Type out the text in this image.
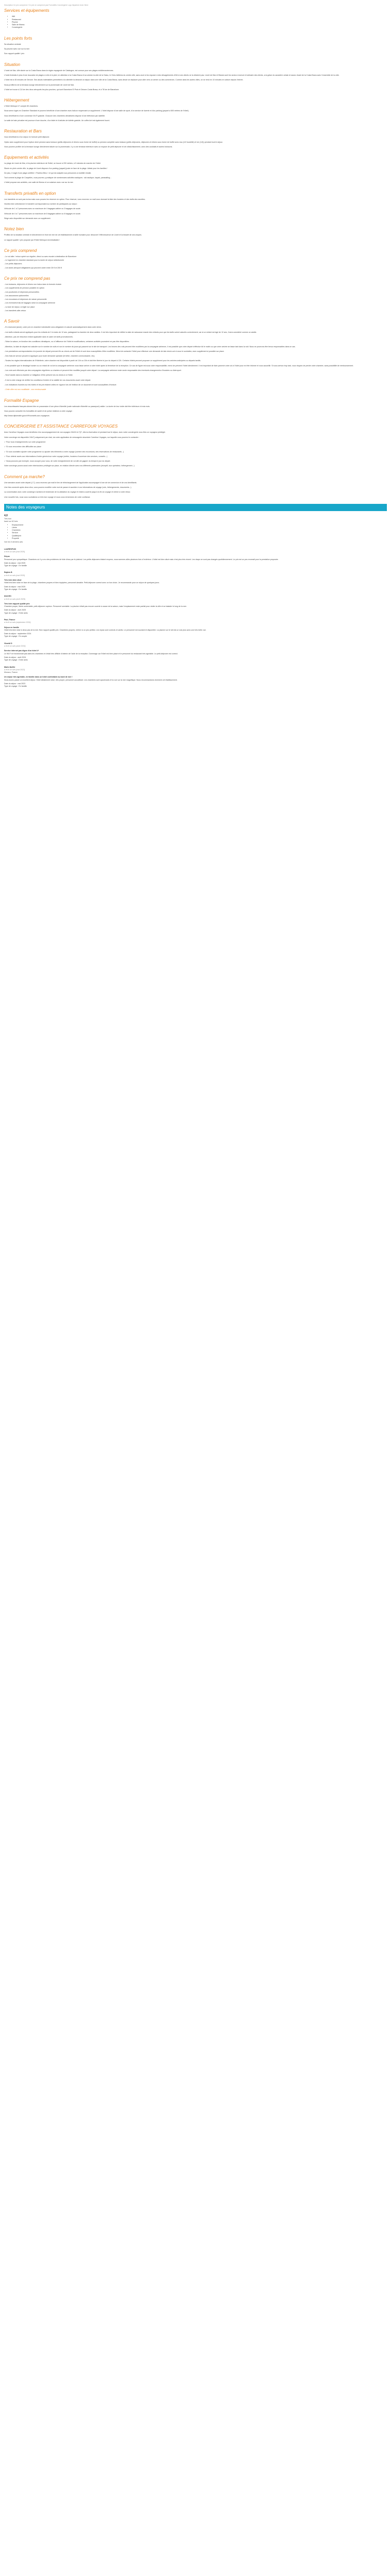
Description Ce prix comprend / Ce prix ne comprend pas Formalités Conciergerie Logo Intpartner Avis Client

Services et équipements
• Wifi
• Restaurant
• Piscine
• Salle de fitness
• Conciergerie
Les points forts

Sa situation centrale

Sa piscine avec vue sur la mer

Son rapport qualité / prix

Situation

L'hotel de Mar, ville située sur la Costa Brava dans la région espagnole de Catalogne, est connue pour ses plages méditerranéennes.

L'hotel Ambulla & plus d'une douzaine de plages à vélo et à pied, en attention à la Costa Brava et sa voisine la côte de la Salou, le Gers-Valtierra du centre-ville, sans avoir à les exposer à des désagréments d'été si ses clients ne la désirent pas. Lloret de Mar et Blanes sont les seuls à recevoir d'ordinaire des clients, a la grâce du caractère urbain et assez vivant de la Costa Brava avec l'ensemble de la côte.

L'hôtel est à 45 minutes de Gérone. Ses atouts indéniables permettent à la clientèle la désirant un séjour dans une ville de la Costa Brava, sans devoir se déplacer pour aller vers un centre ou des commerces. Comme dans les autres villes, on se rend en 10 minutes en voiture depuis l'entrée.

Nous profiterez de la terrasse-lounge directement sur la promenade de Lloret de Mar.

L'hôtel se trouve à 2,6 km des deux aéroports les plus proches, qui sont Barcelone El Prat et Gérone-Costa Brava, et à 78 km de Barcelone.

Hébergement

L'Hôtel Metropol 4* compte 80 chambres.

Nous serez logés en Chambre Standard et pourrez bénéficier d'une chambre avec balcon moyennant un supplément. L'hôtel dispose d'une salle de sport, d'un service de laverie et d'un parking (payant à 500 mètres de l'hôtel).

Vous bénéficierez d'une connexion Wi-Fi gratuite. Chacune des chambres climatisées dispose d'une télévision par satellite.

La salle de bain privative est pourvue d'une douche, d'un bidet et d'articles de toilette gratuits. Un coffre-fort est également fourni.

Restauration et Bars

Vous bénéficierez d'un séjour en formule petit déjeuner.

Optez avec supplément pour l'option demi pension sans boisson (petits déjeuners et dîners sous forme de buffet) ou pension complète sans boisson (petits déjeuners, déjeuners et dîners sous forme de buffet avec eau (1/2 bouteille) et vin (1/4)) pendant tout le séjour.

Vous pourrez profiter de la terrasse lounge directement située sur la promenade, il y a une terrasse intérieure avec un espace de petit déjeuner et de rafraîchissement, avec des cocktails et autres boissons.

Equipements et activités

La plage de Lloret de Mar, et la piscine extérieure de l'hôtel, se trouve à 200 mètres, à 5 minutes de marche de l'hôtel.

Située en plein centre ville, la plage de Lloret dispose d'un parking (payant) juste en face de la plage. Idéale pour les familles !

De plus, il s'agit d'une plage certifiée « Pavillon Bleu » et qui est adaptée aux personnes à mobilité réduite.

Tout comme la plage de Canyelles, vous pourrez y pratiquer de nombreuses activités nautiques : ski nautique, kayak, parasailing...

L'hôtel propose ses activités, une salle de fitness et un solarium avec vue sur la mer.

Transferts privatifs en option

Les transferts ne sont pas inclus mais vous pouvez les réserver en option. Pour réserver, vous recevrez un mail vous donnant la liste des horaires et des tarifs des navettes.

Veuillez bien sélectionner le transfert correspondant au nombre de participants au séjour :

Véhicule de 1 à 3 personnes avec un maximum de 4 bagages cabine ou 3 bagages de soute.

Véhicule de 4 à 7 personnes avec un maximum de 8 bagages cabine ou 6 bagages en soute.

Siège auto disponible sur demande avec un supplément.

Notez bien

Profitez de la situation centrale et directement en front de mer de cet établissement à taille humaine pour découvrir l'effervescence de Lloret et la beauté de ses criques.

Le rapport qualité / prix proposé par l'Hôtel Metropol est imbattable !

Ce prix comprend
- Le vol aller / retour opéré sur régulier, direct ou avec escale à destination de Barcelone
- Le logement en chambre standard pour la durée de séjour sélectionnée
- Les petits déjeuners
- Les taxes aéroport obligatoires qui peuvent varier entre 30 € et 200 €
Ce prix ne comprend pas
- Les boissons, déjeuners et dîners non inclus dans la formule choisie
- Les suppléments de pension possible en option
- Les pourboires et dépenses personnelles
- Les assurances optionnelles
- Les excursions et dépenses de nature personnelle
- Les éventuels frais de bagages selon la compagnie aérienne
- La taxe de séjour, à régler sur place
- Les transferts aller-retour
A Savoir

- En reservant (seule), votre prix en chambre individuelle sera obligatoire et calculé automatiquement dans votre devis.

- Les tarifs enfants seront appliqués pour les enfants de 2 à moins de 12 ans, partageant la chambre de deux adultes. Il est très important de définir la date de naissance exacte des enfants pour que les tarifs soient calculés correctement, car si un enfant est âgé de 12 ans, il sera considéré comme un adulte.

- Attention, pas de réduction enfant applicable dans le cadre de tarifs promotionnels.

- Selon la saison, en fonction des conditions climatiques, ou à l'affluence de l'hôtel et modifications, certaines activités pourraient ne pas être disponibles.

- Attention, la date de départ est calculée sur le nombre de nuits et non le nombre de jours qui passent sur le site de transport. Les heures des vols peuvent être modifiées par la compagnie aérienne, il est possible que votre départ s'effectue tôt le matin ou que votre arrivée se fasse tard dans la nuit. Nous ne pourrons être tenus responsables dans ce cas.

- Les prestations correspondantes à la journée de départ prennent fin au check-out de l'hôtel et sont donc susceptibles d'être modifiées. Merci de contacter l'hôtel pour effectuer une demande de late check-out si vous le souhaitez, avec supplément si possible sur place.

- Des frais de service peuvent s'appliquer pour toute demande spéciale (lit bébé, chambre communicante, etc).

- Seules les règles internationales de l'Hôtellerie, votre chambre est disponible à partir de 14h ou 15h et doit être libérée le jour du départ à 12h. Certains hôtels peuvent proposer un supplément pour les arrivées anticipées ou départs tardifs.

- Il est possible que le décalage horaire ou un retard de vol de la compagnie aérienne vous fasse arriver à votre hôtel après la fermeture de la réception. Ce cas de figure est sous votre responsabilité, merci de prévenir l'hôtel directement. Il est important de faire parvenir votre vol à l'hôtel pour en être informé et vous accueillir. Si vous arrivez trop tard, vous risquez de perdre votre chambre, sans possibilité de remboursement.

- Les vols sont effectués par des compagnies régulières ou charters et peuvent être modifiés jusqu'à votre départ. La compagnie aérienne reste seule responsable des éventuels changements d'horaires ou d'aéroport.

- Seul l'adulte dans la chambre a l'obligation d'être présent lors du check-in à l'hôtel.

- Il est à votre charge de vérifier les conditions d'entrée et la validité de vos documents avant votre départ.

- Les indications fournies sur les hôtels et les prix étaient celles en vigueur lors de l'édition de ce document et sont susceptibles d'évoluer.

- Cette offre est non modifiable - non remboursable

Formalité Espagne

Les ressortissants français doivent être en possession d'une pièce d'identité (carte nationale d'identité ou passeport) valide. La durée de leur visite doit être inférieure à trois mois.

Vous pouvez consulter les formalités de santé et de police relatives à votre voyage :

http://www.diplomatie.gouv.fr/fr/conseils-aux-voyageurs

CONCIERGERIE ET ASSISTANCE CARREFOUR VOYAGES

Avec Carrefour Voyages vous bénéficiez d'un accompagnement de vos voyages 24h/24 et 7j/7, dès la réservation et pendant tout le séjour, avec notre conciergerie vous êtes un voyageur privilégié.

Votre concierge est disponible 24h/7j uniquement par chat, via votre application de messagerie sécurisée Carrefour Voyages, sur laquelle vous pourrez le contacter :

✓ Pour tous renseignements sur votre programme

✓ Si vous rencontrez des difficultés sur place

✓ Si vous souhaitez ajouter votre programme ou ajouter des éléments à votre voyage (comme des excursions, des réservations de restaurants...)

✓ Pour obtenir accès aux informations d'ordre général sur votre voyage (météo, horaires d'ouverture des services, conseils...)

✓ Nous pouvons par exemple, nous occuper pour vous, de votre enregistrement de vol afin de gagner du temps le jour du départ.

Votre concierge pourra aussi votre interlocuteur privilégié sur place, en relation directe avec nos différents partenaires (réceptif, tour opérateur, hébergement...).

Comment ça marche?

Une semaine avant votre départ (J-7), vous recevrez par mail le lien de téléchargement de l'application accompagné d'une clé de connexion et de vos identifiants.

Une fois connecté après deux clics, vous pourrez modifier votre mot de passe et accéder à vos informations de voyage (vols, hébergements, documents...).

La conversation avec votre concierge s'activera le lendemain de la validation du voyage et restera ouverte jusqu'à la fin du voyage et même à votre retour.

Une nouvelle fois, nous vous souhaitons un très bon voyage et nous vous remercions de votre confiance.

Notes des voyageurs
4,0
Très bon
basé sur 62 Avis
• Emplacement
• Literie
• Chambres
• Service
• Qualité/prix
• Propreté
Voir les 5 derniers avis
LAURESP100
a écrit un avis (mai 2025)
Déçus

Personnel peu sympathique. Chambres où il y a eu des problèmes de fuite d'eau par le plafond. Les petits déjeuners étaient moyens, nous sommes allés plusieurs fois à l'extérieur. L'hôtel est bien situé mais n'est plus très récent. Les draps ne sont pas changés quotidiennement. Le prix est un peu excessif pour la prestation proposée.

Date du séjour : mai 2025
Type de voyage : En famille
Rajkris B
a écrit un avis (mai 2025)
Très bien bien situé

Hôtel très bien situé en face de la plage, chambres propres et bien équipées, personnel aimable. Petit-déjeuner correct avec un bon choix. Je recommande pour un séjour de quelques jours.

Date du séjour : mai 2025
Type de voyage : En famille
dsmrt61
a écrit un avis (avril 2025)
Très bien rapport qualité prix

Chambre propre, literie confortable, petit-déjeuner copieux. Personnel serviable. La piscine n'était pas encore ouverte à cause de la saison, mais l'emplacement reste parfait pour visiter la ville et se balader le long de la mer.

Date du séjour : avril 2025
Type de voyage : Entre amis
Paul_France
a écrit un avis (septembre 2024)
Séjour en famille

Hôtel très bien situé à deux pas de la mer. Bon rapport qualité-prix. Chambres propres, même si un peu petites. Les repas sont corrects et variés. Le personnel est souriant et disponible. La piscine sur le toit est un vrai plus avec une très belle vue.

Date du séjour : septembre 2024
Type de voyage : En couple
Vboebl D
a écrit un avis (août 2024)
Service internet pas digne d'un hôtel 4*

Le Wi-Fi ne fonctionnait pas dans les chambres et c'était très difficile d'obtenir de l'aide de la réception. Dommage car l'hôtel est bien placé et le personnel du restaurant très agréable. Le petit-déjeuner est correct.

Date du séjour : août 2024
Type de voyage : Entre amis
Marie-Noëlle
a écrit un avis (mai 2023)
Monaco, France
Un séjour très agréable, en famille dans un hôtel confortable au bord de mer !

Nous avons passé un excellent séjour. Hôtel idéalement situé, très propre, personnel accueillant. Les chambres sont spacieuses et la vue sur la mer magnifique. Nous recommandons vivement cet établissement.

Date du séjour : mai 2023
Type de voyage : En famille
